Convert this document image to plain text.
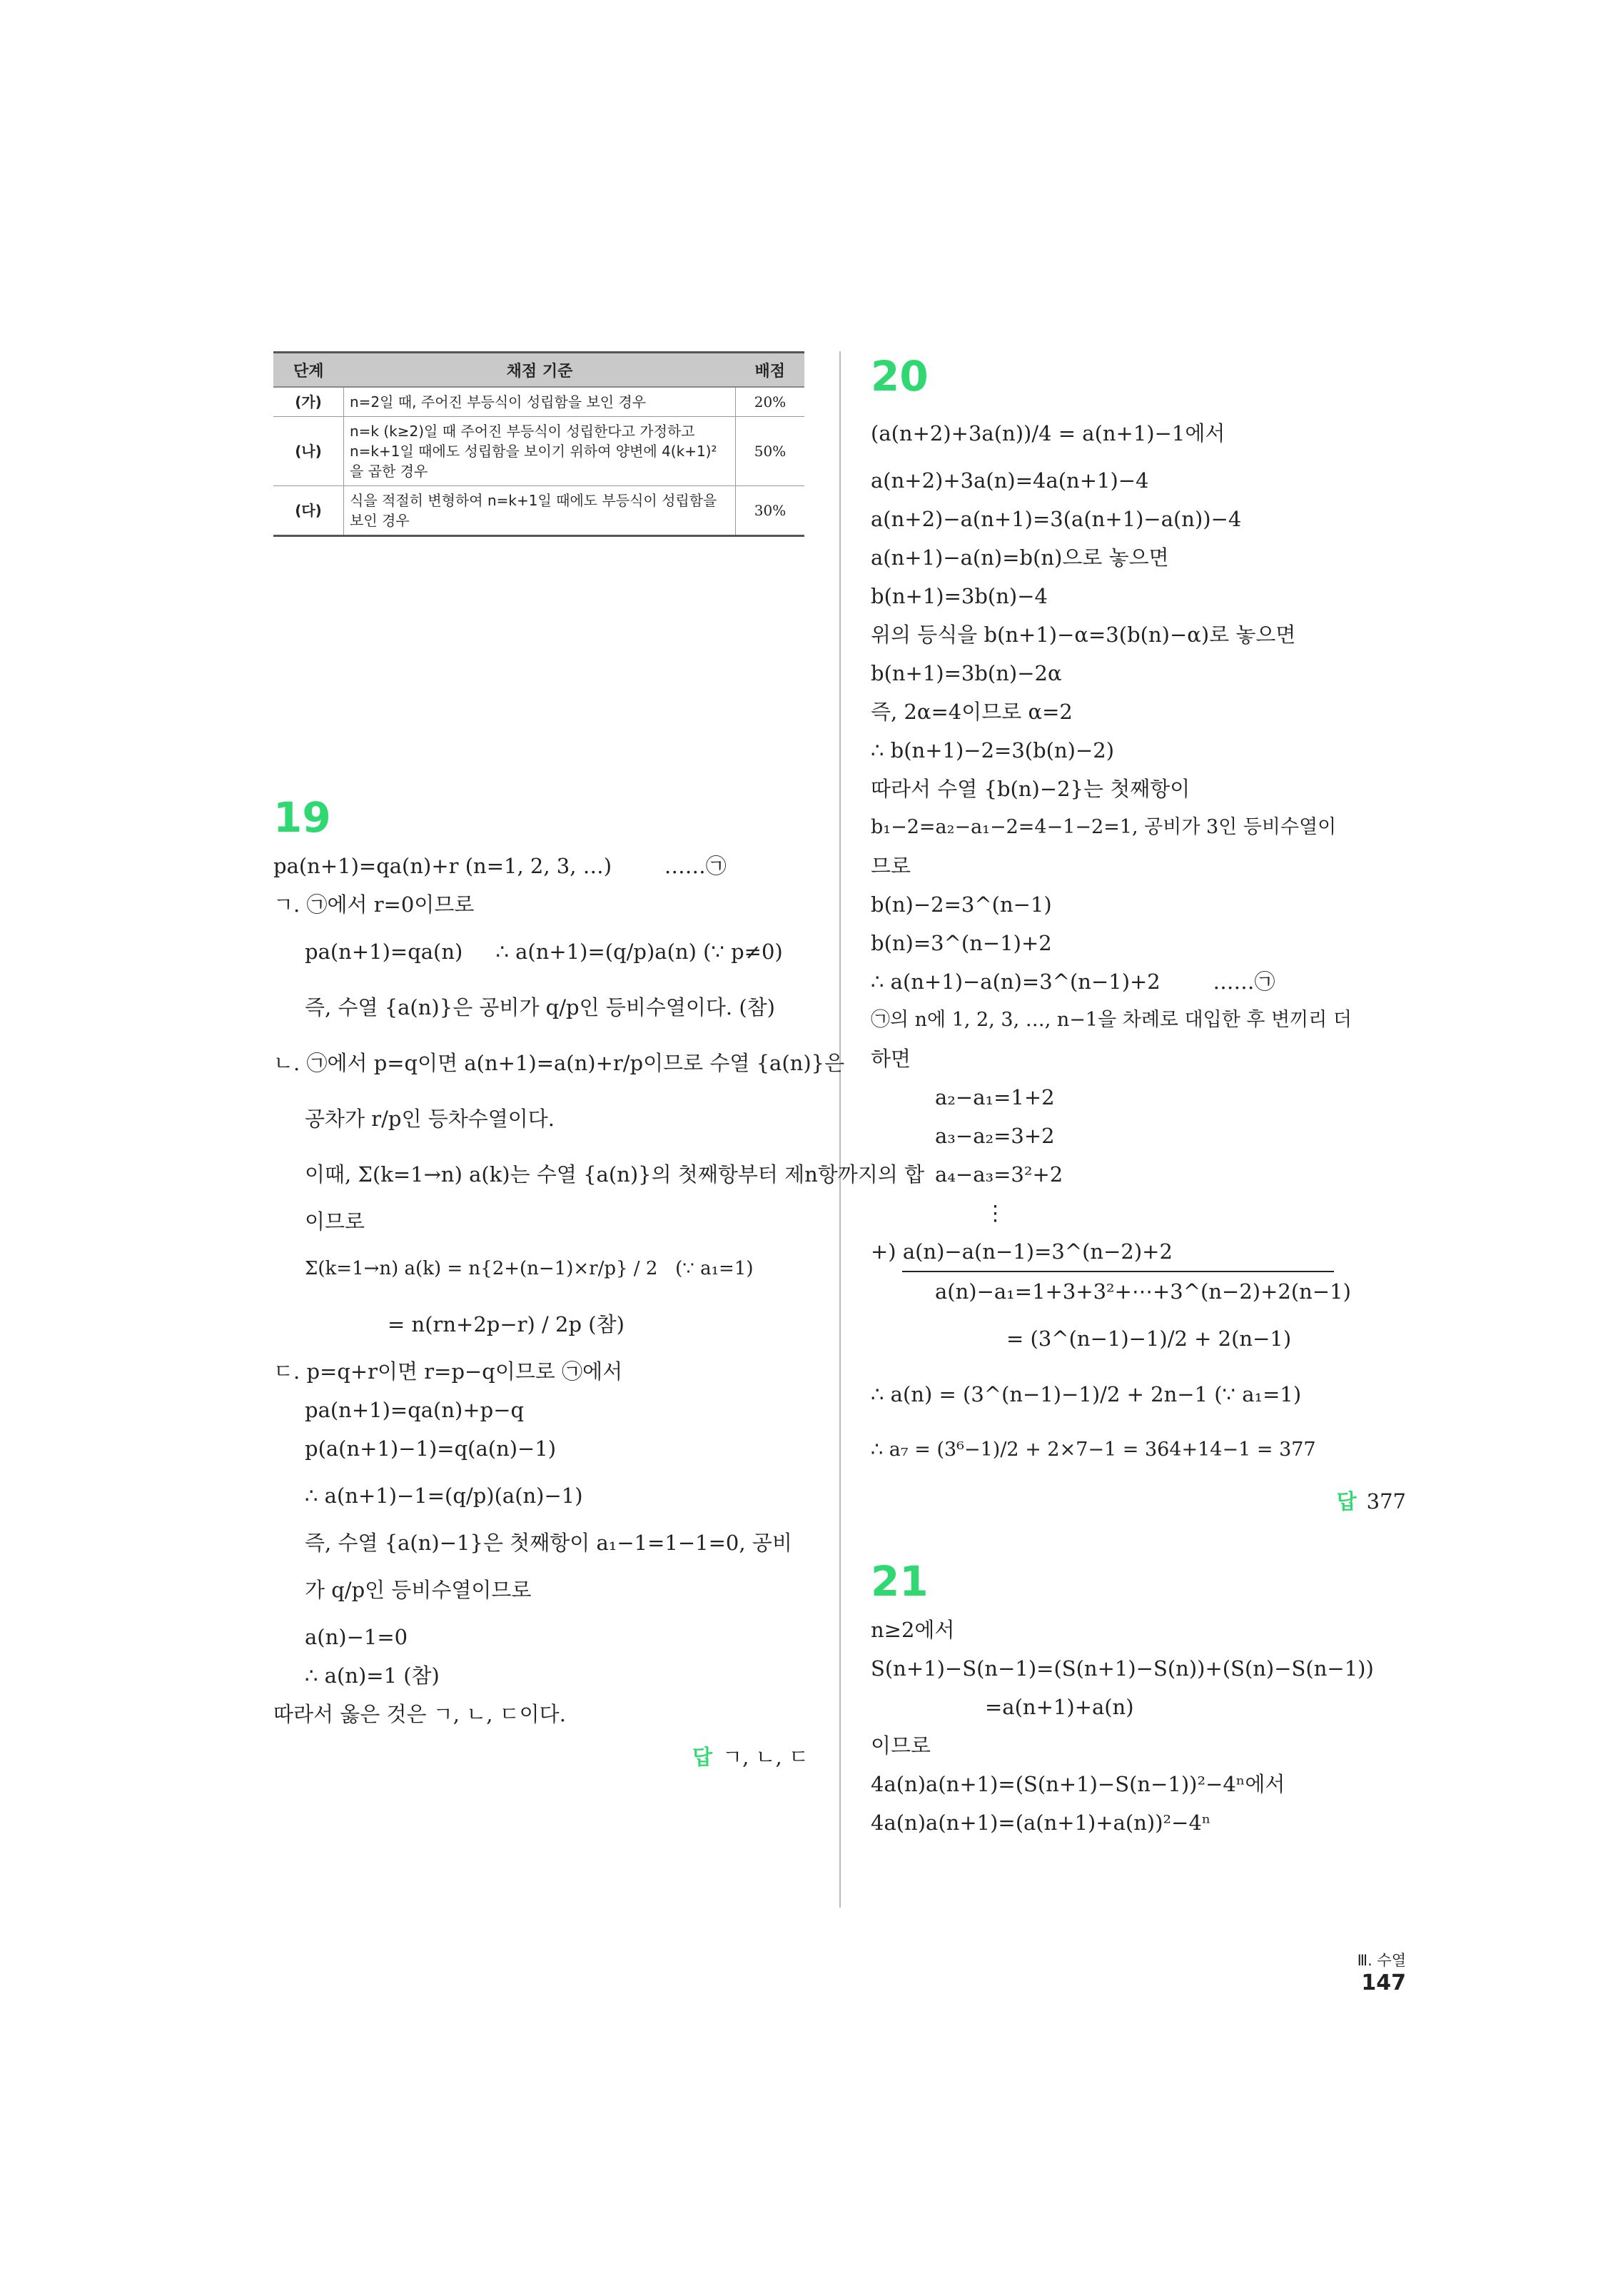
단계	채점 기준	배점
(가)	n=2일 때, 주어진 부등식이 성립함을 보인 경우	20%
(나)	n=k (k≥2)일 때 주어진 부등식이 성립한다고 가정하고 n=k+1일 때에도 성립함을 보이기 위하여 양변에 4(k+1)²을 곱한 경우	50%
(다)	식을 적절히 변형하여 n=k+1일 때에도 부등식이 성립함을 보인 경우	30%
19
pa(n+1)=qa(n)+r (n=1, 2, 3, …)        ……㉠
ㄱ. ㉠에서 r=0이므로
pa(n+1)=qa(n)     ∴ a(n+1)=(q/p)a(n) (∵ p≠0)
즉, 수열 {a(n)}은 공비가 q/p인 등비수열이다. (참)
ㄴ. ㉠에서 p=q이면 a(n+1)=a(n)+r/p이므로 수열 {a(n)}은
공차가 r/p인 등차수열이다.
이때, Σ(k=1→n) a(k)는 수열 {a(n)}의 첫째항부터 제n항까지의 합
이므로
Σ(k=1→n) a(k) = n{2+(n−1)×r/p} / 2   (∵ a₁=1)
= n(rn+2p−r) / 2p (참)
ㄷ. p=q+r이면 r=p−q이므로 ㉠에서
pa(n+1)=qa(n)+p−q
p(a(n+1)−1)=q(a(n)−1)
∴ a(n+1)−1=(q/p)(a(n)−1)
즉, 수열 {a(n)−1}은 첫째항이 a₁−1=1−1=0, 공비
가 q/p인 등비수열이므로
a(n)−1=0
∴ a(n)=1 (참)
따라서 옳은 것은 ㄱ, ㄴ, ㄷ이다.
답 ㄱ, ㄴ, ㄷ
20
(a(n+2)+3a(n))/4 = a(n+1)−1에서
a(n+2)+3a(n)=4a(n+1)−4
a(n+2)−a(n+1)=3(a(n+1)−a(n))−4
a(n+1)−a(n)=b(n)으로 놓으면
b(n+1)=3b(n)−4
위의 등식을 b(n+1)−α=3(b(n)−α)로 놓으면
b(n+1)=3b(n)−2α
즉, 2α=4이므로 α=2
∴ b(n+1)−2=3(b(n)−2)
따라서 수열 {b(n)−2}는 첫째항이
b₁−2=a₂−a₁−2=4−1−2=1, 공비가 3인 등비수열이
므로
b(n)−2=3^(n−1)
b(n)=3^(n−1)+2
∴ a(n+1)−a(n)=3^(n−1)+2        ……㉠
㉠의 n에 1, 2, 3, …, n−1을 차례로 대입한 후 변끼리 더
하면
a₂−a₁=1+2
a₃−a₂=3+2
a₄−a₃=3²+2
⋮
+) a(n)−a(n−1)=3^(n−2)+2
a(n)−a₁=1+3+3²+⋯+3^(n−2)+2(n−1)
= (3^(n−1)−1)/2 + 2(n−1)
∴ a(n) = (3^(n−1)−1)/2 + 2n−1 (∵ a₁=1)
∴ a₇ = (3⁶−1)/2 + 2×7−1 = 364+14−1 = 377
답 377
21
n≥2에서
S(n+1)−S(n−1)=(S(n+1)−S(n))+(S(n)−S(n−1))
=a(n+1)+a(n)
이므로
4a(n)a(n+1)=(S(n+1)−S(n−1))²−4ⁿ에서
4a(n)a(n+1)=(a(n+1)+a(n))²−4ⁿ
Ⅲ. 수열147
